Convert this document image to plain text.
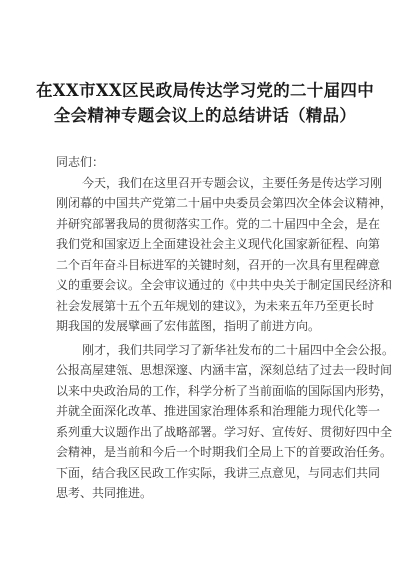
在XX市XX区民政局传达学习党的二十届四中
全会精神专题会议上的总结讲话（精品）

同志们：

今天，我们在这里召开专题会议，主要任务是传达学习刚
刚闭幕的中国共产党第二十届中央委员会第四次全体会议精神，
并研究部署我局的贯彻落实工作。党的二十届四中全会，是在
我们党和国家迈上全面建设社会主义现代化国家新征程、向第
二个百年奋斗目标进军的关键时刻，召开的一次具有里程碑意
义的重要会议。全会审议通过的《中共中央关于制定国民经济和
社会发展第十五个五年规划的建议》，为未来五年乃至更长时
期我国的发展擘画了宏伟蓝图，指明了前进方向。

刚才，我们共同学习了新华社发布的二十届四中全会公报。
公报高屋建瓴、思想深邃、内涵丰富，深刻总结了过去一段时间
以来中央政治局的工作，科学分析了当前面临的国际国内形势，
并就全面深化改革、推进国家治理体系和治理能力现代化等一
系列重大议题作出了战略部署。学习好、宣传好、贯彻好四中全
会精神，是当前和今后一个时期我们全局上下的首要政治任务。
下面，结合我区民政工作实际，我讲三点意见，与同志们共同
思考、共同推进。
